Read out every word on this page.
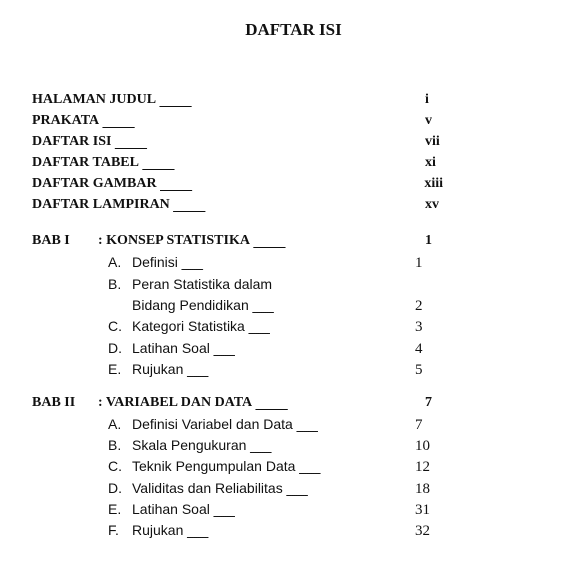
DAFTAR ISI
HALAMAN JUDUL . . .	i
PRAKATA . . .	v
DAFTAR ISI . . .	vii
DAFTAR TABEL . . .	xi
DAFTAR GAMBAR . . .	xiii
DAFTAR LAMPIRAN . . .	xv
BAB I	: KONSEP STATISTIKA . . .	1
A. Definisi . . .	1
B. Peran Statistika dalam
Bidang Pendidikan . . .	2
C. Kategori Statistika . . .	3
D. Latihan Soal . . .	4
E. Rujukan . . .	5
BAB II	: VARIABEL DAN DATA . . .	7
A. Definisi Variabel dan Data . . .	7
B. Skala Pengukuran . . .	10
C. Teknik Pengumpulan Data . . .	12
D. Validitas dan Reliabilitas . . .	18
E. Latihan Soal . . .	31
F. Rujukan . . .	32
